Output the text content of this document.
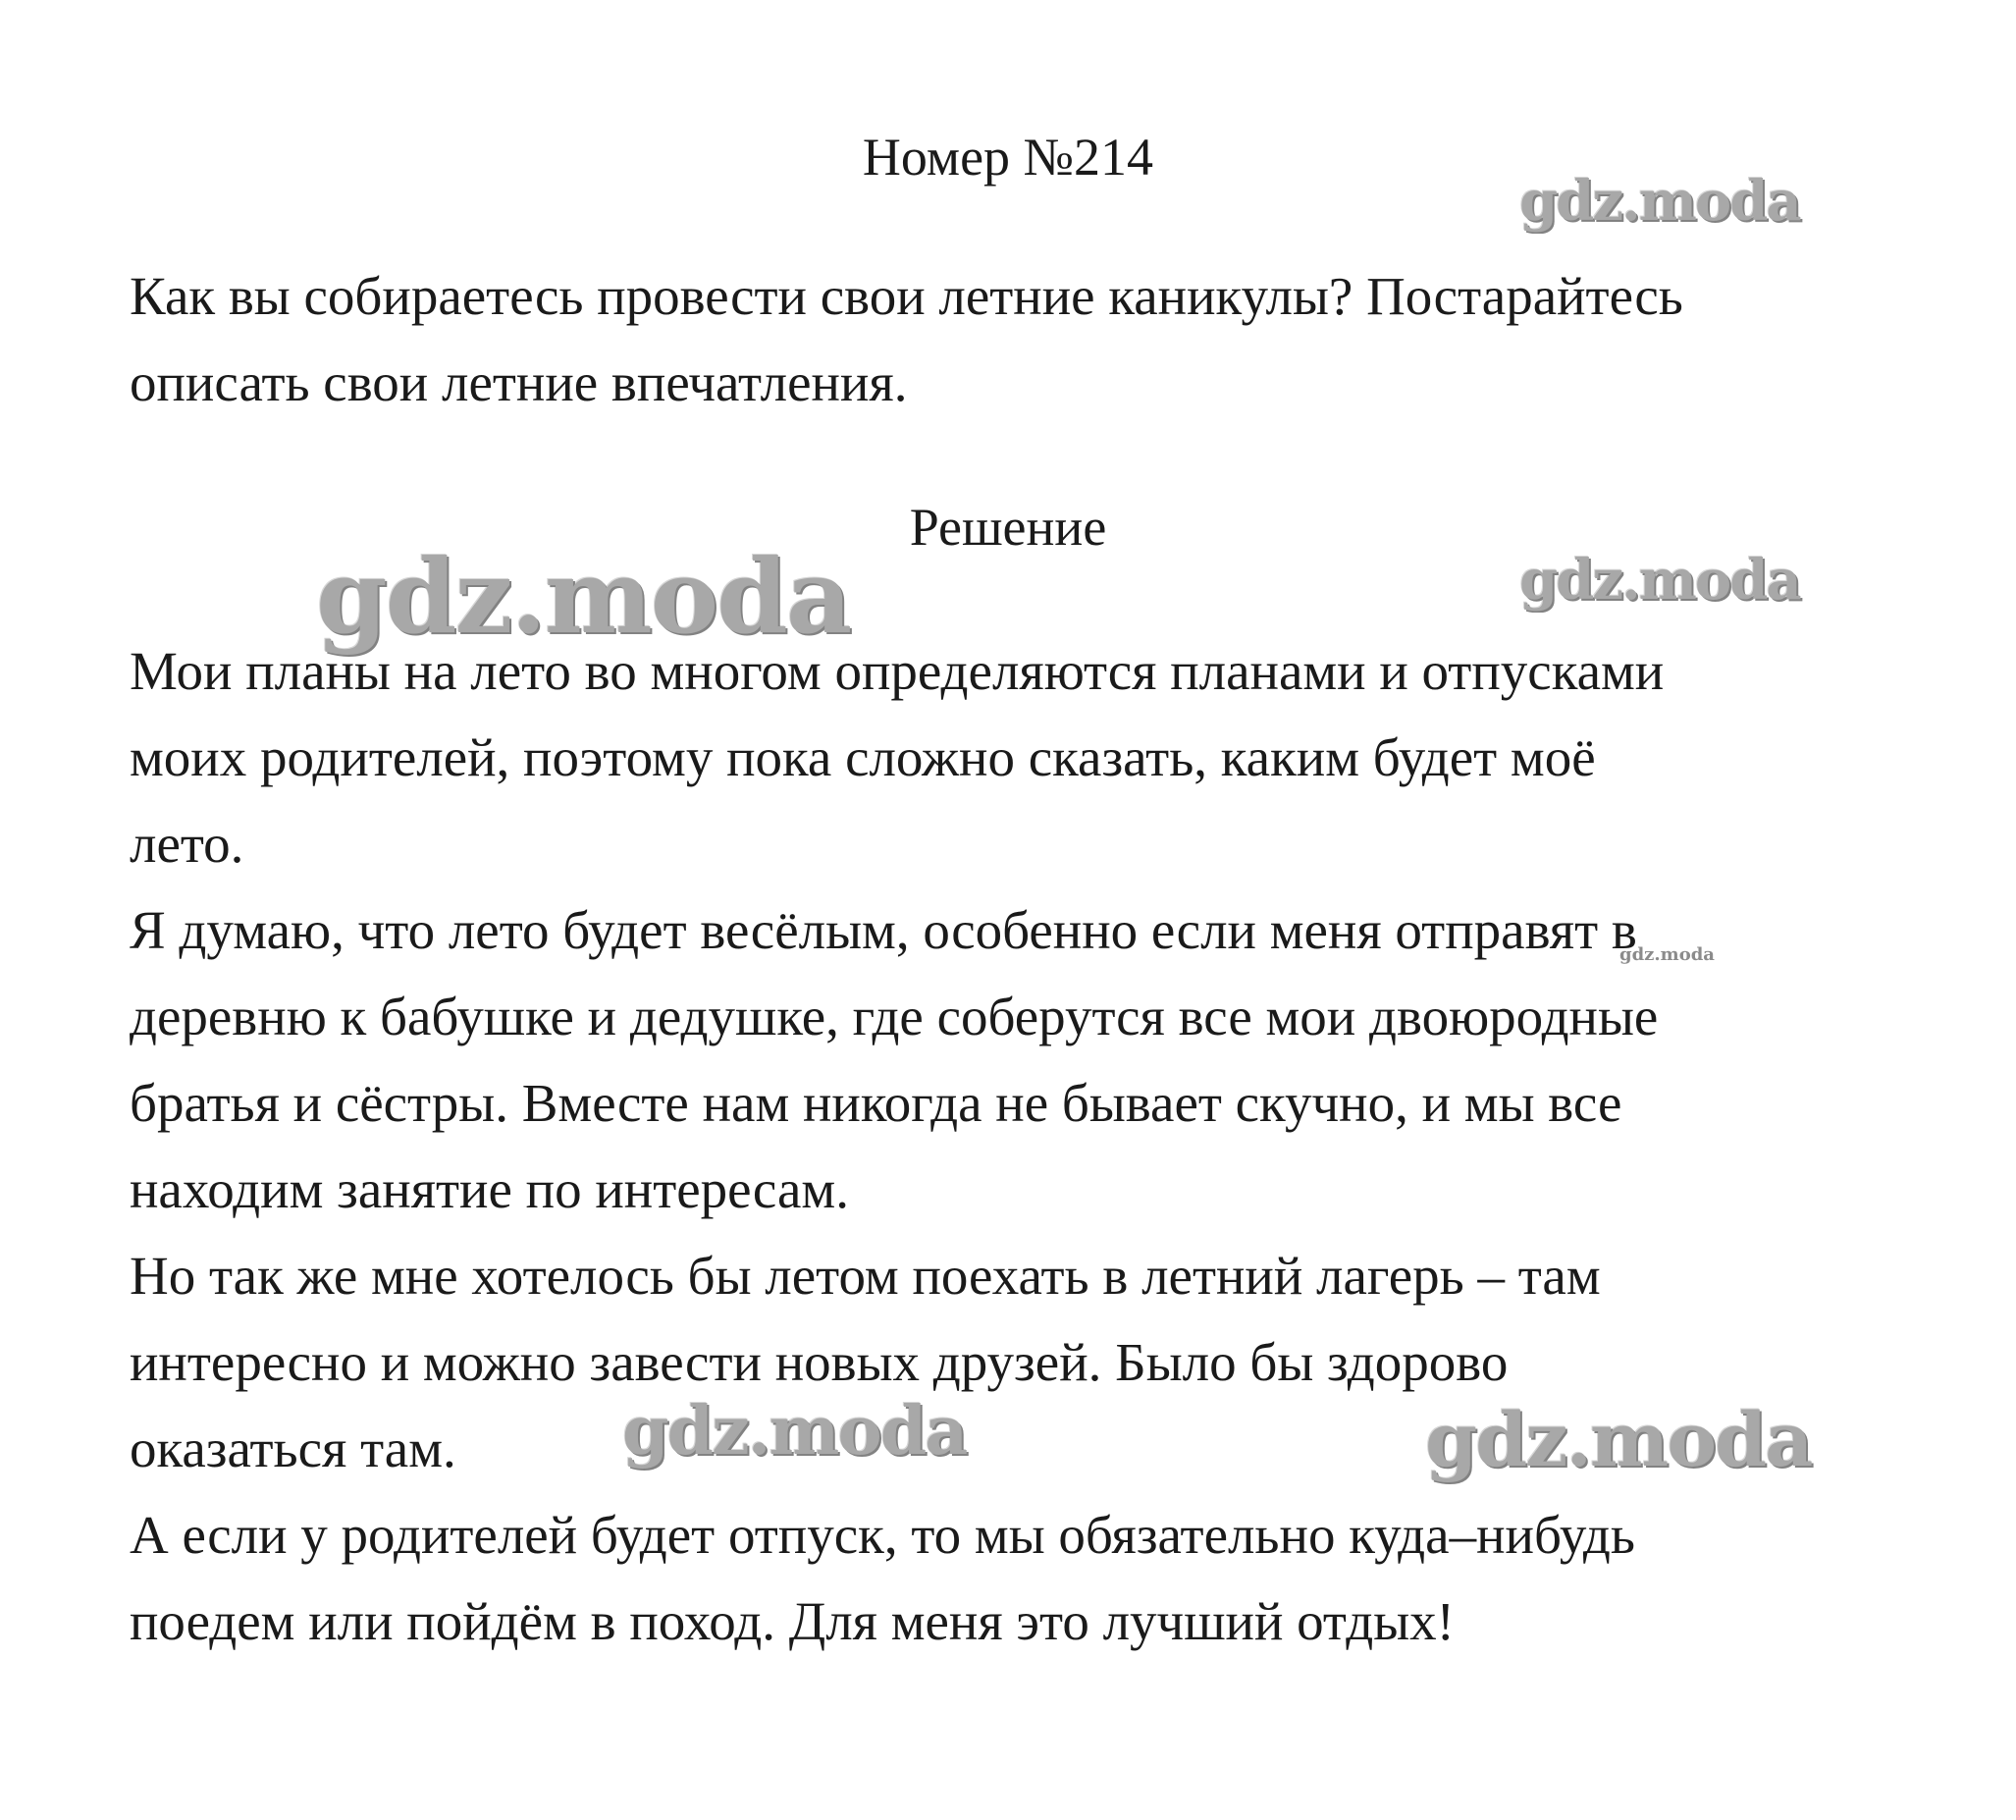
Номер №214

Как вы собираетесь провести свои летние каникулы? Постарайтесь

описать свои летние впечатления.

Решение

Мои планы на лето во многом определяются планами и отпусками

моих родителей, поэтому пока сложно сказать, каким будет моё

лето.

Я думаю, что лето будет весёлым, особенно если меня отправят в

деревню к бабушке и дедушке, где соберутся все мои двоюродные

братья и сёстры. Вместе нам никогда не бывает скучно, и мы все

находим занятие по интересам.

Но так же мне хотелось бы летом поехать в летний лагерь – там

интересно и можно завести новых друзей. Было бы здорово

оказаться там.

А если у родителей будет отпуск, то мы обязательно куда–нибудь

поедем или пойдём в поход. Для меня это лучший отдых!

gdz.moda
gdz.moda	gdz.moda
gdz.moda
gdz.moda	gdz.moda
